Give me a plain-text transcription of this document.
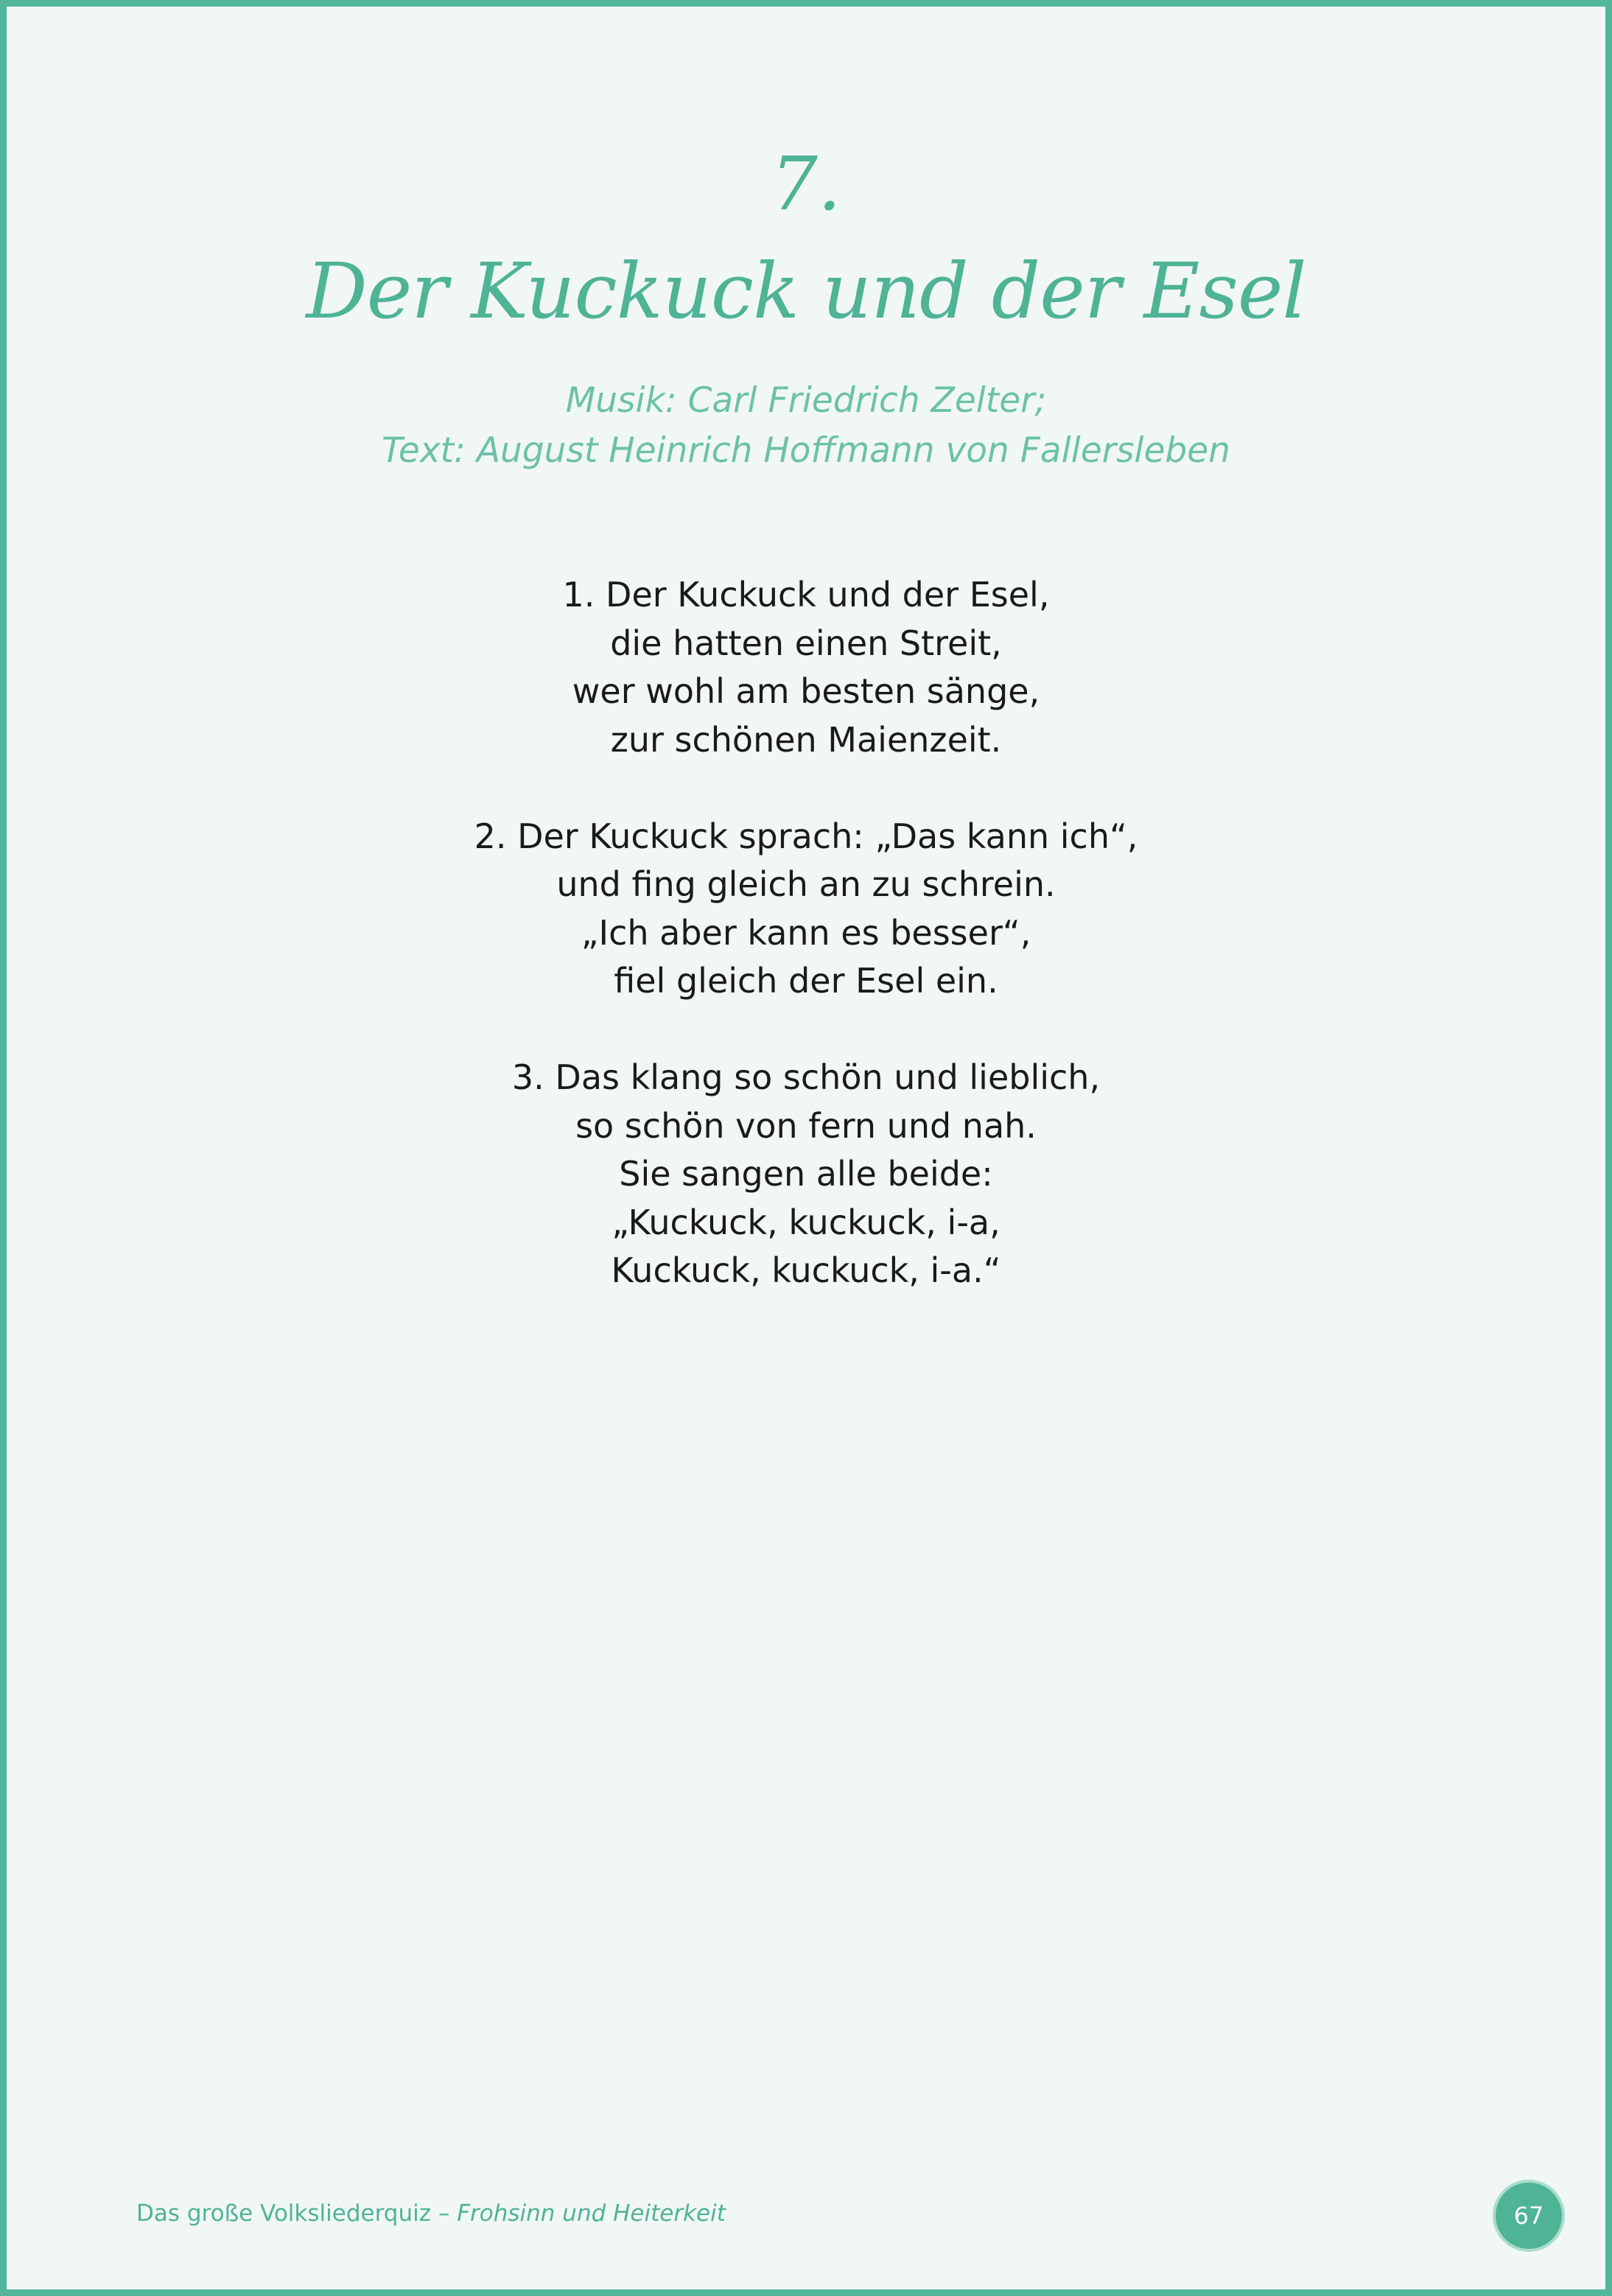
7.
Der Kuckuck und der Esel
Musik: Carl Friedrich Zelter;
Text: August Heinrich Hoffmann von Fallersleben
1. Der Kuckuck und der Esel,
die hatten einen Streit,
wer wohl am besten sänge,
zur schönen Maienzeit.
2. Der Kuckuck sprach: „Das kann ich“,
und fing gleich an zu schrein.
„Ich aber kann es besser“,
fiel gleich der Esel ein.
3. Das klang so schön und lieblich,
so schön von fern und nah.
Sie sangen alle beide:
„Kuckuck, kuckuck, i-a,
Kuckuck, kuckuck, i-a.“
Das große Volksliederquiz – Frohsinn und Heiterkeit	67
